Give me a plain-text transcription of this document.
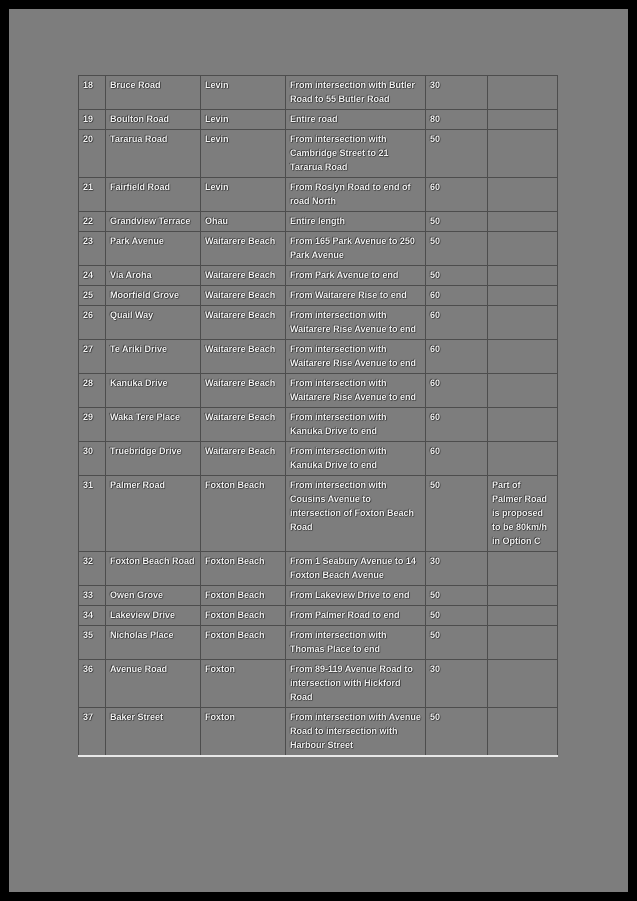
18	Bruce Road	Levin	From intersection with Butler Road to 55 Butler Road	30	
19	Boulton Road	Levin	Entire road	80	
20	Tararua Road	Levin	From intersection with Cambridge Street to 21 Tararua Road	50	
21	Fairfield Road	Levin	From Roslyn Road to end of road North	60	
22	Grandview Terrace	Ohau	Entire length	50	
23	Park Avenue	Waitarere Beach	From 165 Park Avenue to 250 Park Avenue	50	
24	Via Aroha	Waitarere Beach	From Park Avenue to end	50	
25	Moorfield Grove	Waitarere Beach	From Waitarere Rise to end	60	
26	Quail Way	Waitarere Beach	From intersection with Waitarere Rise Avenue to end	60	
27	Te Ariki Drive	Waitarere Beach	From intersection with Waitarere Rise Avenue to end	60	
28	Kanuka Drive	Waitarere Beach	From intersection with Waitarere Rise Avenue to end	60	
29	Waka Tere Place	Waitarere Beach	From intersection with Kanuka Drive to end	60	
30	Truebridge Drive	Waitarere Beach	From intersection with Kanuka Drive to end	60	
31	Palmer Road	Foxton Beach	From intersection with Cousins Avenue to intersection of Foxton Beach Road	50	Part of Palmer Road is proposed to be 80km/h in Option C
32	Foxton Beach Road	Foxton Beach	From 1 Seabury Avenue to 14 Foxton Beach Avenue	30	
33	Owen Grove	Foxton Beach	From Lakeview Drive to end	50	
34	Lakeview Drive	Foxton Beach	From Palmer Road to end	50	
35	Nicholas Place	Foxton Beach	From intersection with Thomas Place to end	50	
36	Avenue Road	Foxton	From 89-119 Avenue Road to intersection with Hickford Road	30	
37	Baker Street	Foxton	From intersection with Avenue Road to intersection with Harbour Street	50	
